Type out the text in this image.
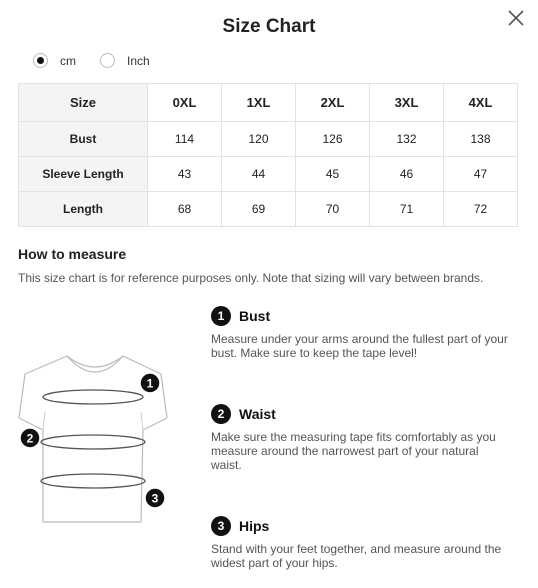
Size Chart
cm	Inch
Size	0XL	1XL	2XL	3XL	4XL
Bust	114	120	126	132	138
Sleeve Length	43	44	45	46	47
Length	68	69	70	71	72
How to measure
This size chart is for reference purposes only. Note that sizing will vary between brands.
1
2
3
1	Bust
Measure under your arms around the fullest part of your bust. Make sure to keep the tape level!
2	Waist
Make sure the measuring tape fits comfortably as you measure around the narrowest part of your natural waist.
3	Hips
Stand with your feet together, and measure around the widest part of your hips.
